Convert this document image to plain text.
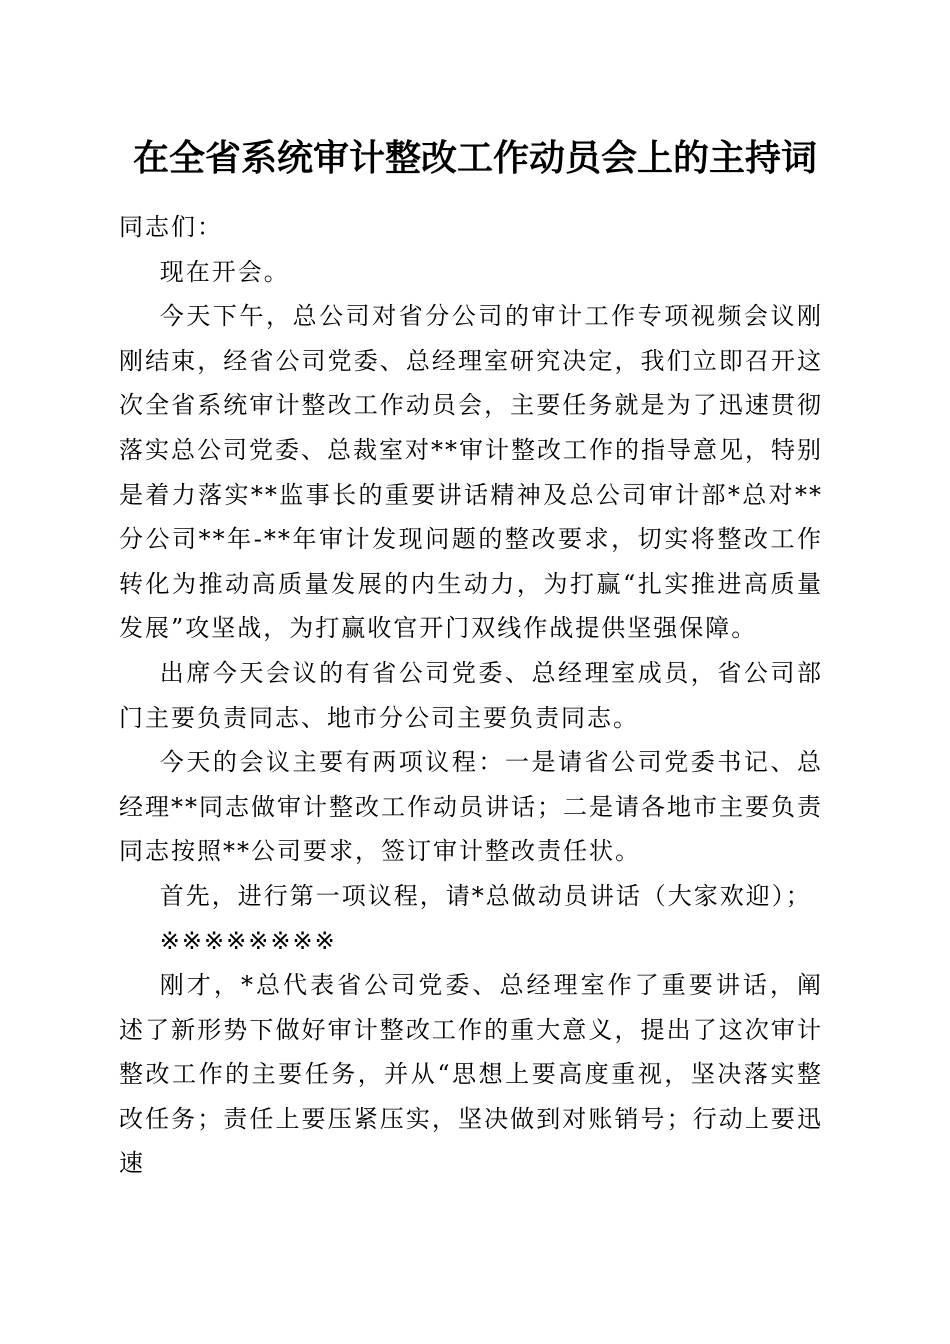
在全省系统审计整改工作动员会上的主持词

同志们：

现在开会。

今天下午，总公司对省分公司的审计工作专项视频会议刚刚结束，经省公司党委、总经理室研究决定，我们立即召开这次全省系统审计整改工作动员会，主要任务就是为了迅速贯彻落实总公司党委、总裁室对**审计整改工作的指导意见，特别是着力落实**监事长的重要讲话精神及总公司审计部*总对**分公司**年-**年审计发现问题的整改要求，切实将整改工作转化为推动高质量发展的内生动力，为打赢“扎实推进高质量发展”攻坚战，为打赢收官开门双线作战提供坚强保障。

出席今天会议的有省公司党委、总经理室成员，省公司部门主要负责同志、地市分公司主要负责同志。

今天的会议主要有两项议程：一是请省公司党委书记、总经理**同志做审计整改工作动员讲话；二是请各地市主要负责同志按照**公司要求，签订审计整改责任状。

首先，进行第一项议程，请*总做动员讲话（大家欢迎）；

※※※※※※※※

刚才，*总代表省公司党委、总经理室作了重要讲话，阐述了新形势下做好审计整改工作的重大意义，提出了这次审计整改工作的主要任务，并从“思想上要高度重视，坚决落实整改任务；责任上要压紧压实，坚决做到对账销号；行动上要迅速
